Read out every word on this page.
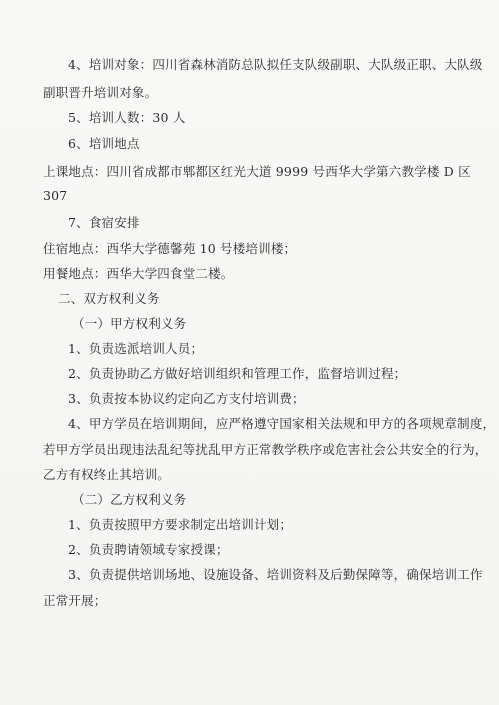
4、培训对象：四川省森林消防总队拟任支队级副职、大队级正职、大队级
副职晋升培训对象。
5、培训人数：30 人
6、培训地点
上课地点：四川省成都市郫都区红光大道 9999 号西华大学第六教学楼 D 区
307
7、食宿安排
住宿地点：西华大学德馨苑 10 号楼培训楼；
用餐地点：西华大学四食堂二楼。
二、双方权利义务
（一）甲方权利义务
1、负责选派培训人员；
2、负责协助乙方做好培训组织和管理工作，监督培训过程；
3、负责按本协议约定向乙方支付培训费；
4、甲方学员在培训期间，应严格遵守国家相关法规和甲方的各项规章制度，
若甲方学员出现违法乱纪等扰乱甲方正常教学秩序或危害社会公共安全的行为，
乙方有权终止其培训。
（二）乙方权利义务
1、负责按照甲方要求制定出培训计划；
2、负责聘请领域专家授课；
3、负责提供培训场地、设施设备、培训资料及后勤保障等，确保培训工作
正常开展；
